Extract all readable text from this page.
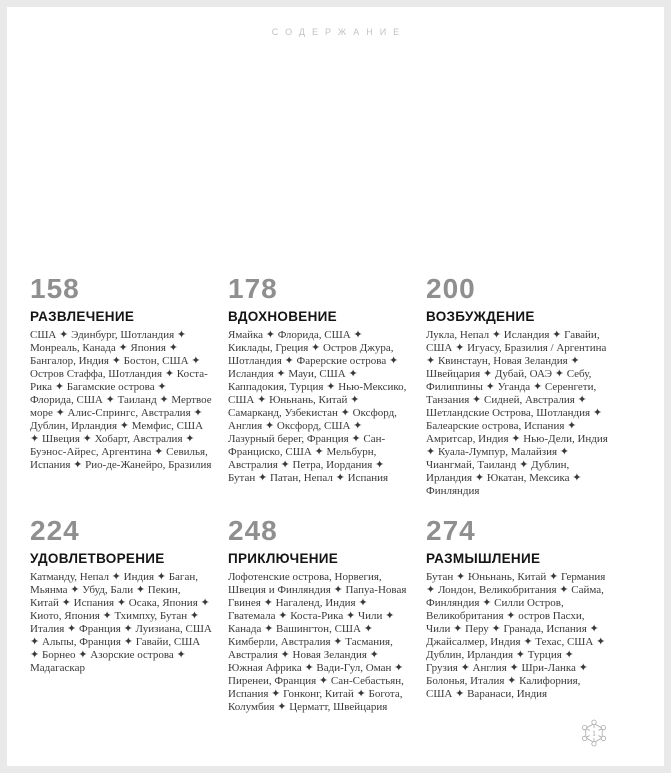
СОДЕРЖАНИЕ
158
РАЗВЛЕЧЕНИЕ
США ✦ Эдинбург, Шотландия ✦ Монреаль, Канада ✦ Япония ✦ Бангалор, Индия ✦ Бостон, США ✦ Остров Стаффа, Шотландия ✦ Коста-Рика ✦ Багамские острова ✦ Флорида, США ✦ Таиланд ✦ Мертвое море ✦ Алис-Спрингс, Австралия ✦ Дублин, Ирландия ✦ Мемфис, США ✦ Швеция ✦ Хобарт, Австралия ✦ Буэнос-Айрес, Аргентина ✦ Севилья, Испания ✦ Рио-де-Жанейро, Бразилия
178
ВДОХНОВЕНИЕ
Ямайка ✦ Флорида, США ✦ Киклады, Греция ✦ Остров Джура, Шотландия ✦ Фарерские острова ✦ Исландия ✦ Мауи, США ✦ Каппадокия, Турция ✦ Нью-Мексико, США ✦ Юньнань, Китай ✦ Самарканд, Узбекистан ✦ Оксфорд, Англия ✦ Оксфорд, США ✦ Лазурный берег, Франция ✦ Сан-Франциско, США ✦ Мельбурн, Австралия ✦ Петра, Иордания ✦ Бутан ✦ Патан, Непал ✦ Испания
200
ВОЗБУЖДЕНИЕ
Лукла, Непал ✦ Исландия ✦ Гавайи, США ✦ Игуасу, Бразилия / Аргентина ✦ Квинстаун, Новая Зеландия ✦ Швейцария ✦ Дубай, ОАЭ ✦ Себу, Филиппины ✦ Уганда ✦ Серенгети, Танзания ✦ Сидней, Австралия ✦ Шетландские Острова, Шотландия ✦ Балеарские острова, Испания ✦ Амритсар, Индия ✦ Нью-Дели, Индия ✦ Куала-Лумпур, Малайзия ✦ Чиангмай, Таиланд ✦ Дублин, Ирландия ✦ Юкатан, Мексика ✦ Финляндия
224
УДОВЛЕТВОРЕНИЕ
Катманду, Непал ✦ Индия ✦ Баган, Мьянма ✦ Убуд, Бали ✦ Пекин, Китай ✦ Испания ✦ Осака, Япония ✦ Киото, Япония ✦ Тхимпху, Бутан ✦ Италия ✦ Франция ✦ Луизиана, США ✦ Альпы, Франция ✦ Гавайи, США ✦ Борнео ✦ Азорские острова ✦ Мадагаскар
248
ПРИКЛЮЧЕНИЕ
Лофотенские острова, Норвегия, Швеция и Финляндия ✦ Папуа-Новая Гвинея ✦ Нагаленд, Индия ✦ Гватемала ✦ Коста-Рика ✦ Чили ✦ Канада ✦ Вашингтон, США ✦ Кимберли, Австралия ✦ Тасмания, Австралия ✦ Новая Зеландия ✦ Южная Африка ✦ Вади-Гул, Оман ✦ Пиренеи, Франция ✦ Сан-Себастьян, Испания ✦ Гонконг, Китай ✦ Богота, Колумбия ✦ Церматт, Швейцария
274
РАЗМЫШЛЕНИЕ
Бутан ✦ Юньнань, Китай ✦ Германия ✦ Лондон, Великобритания ✦ Сайма, Финляндия ✦ Силли Остров, Великобритания ✦ остров Пасхи, Чили ✦ Перу ✦ Гранада, Испания ✦ Джайсалмер, Индия ✦ Техас, США ✦ Дублин, Ирландия ✦ Турция ✦ Грузия ✦ Англия ✦ Шри-Ланка ✦ Болонья, Италия ✦ Калифорния, США ✦ Варанаси, Индия
1
